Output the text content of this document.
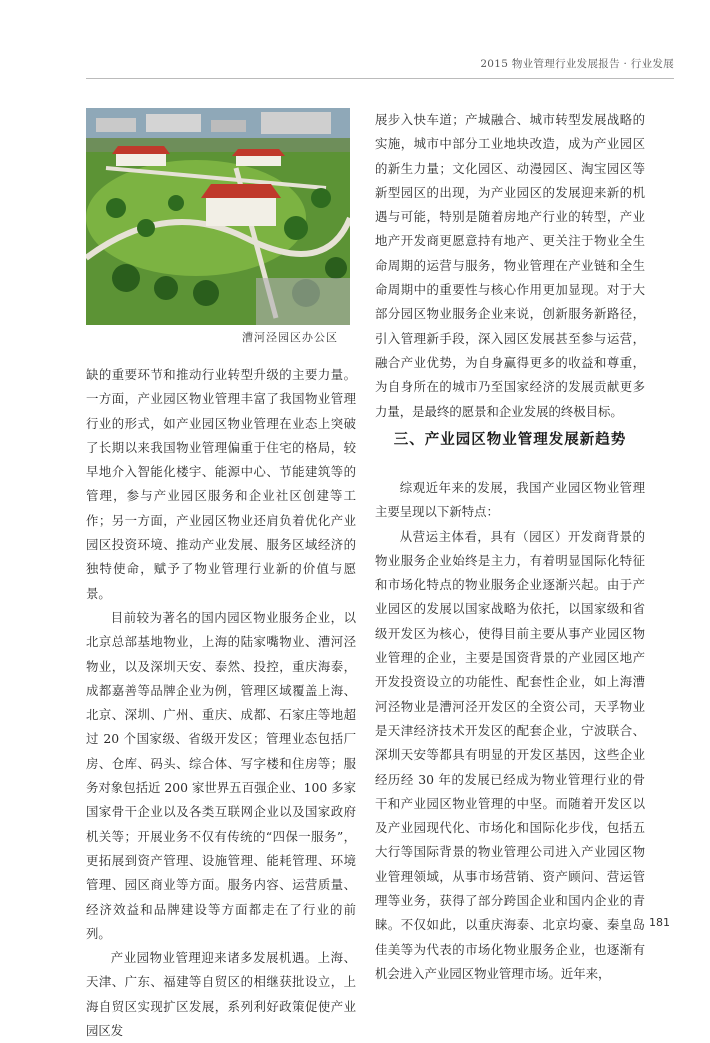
2015 物业管理行业发展报告 · 行业发展
漕河泾园区办公区

缺的重要环节和推动行业转型升级的主要力量。一方面，产业园区物业管理丰富了我国物业管理行业的形式，如产业园区物业管理在业态上突破了长期以来我国物业管理偏重于住宅的格局，较早地介入智能化楼宇、能源中心、节能建筑等的管理，参与产业园区服务和企业社区创建等工作；另一方面，产业园区物业还肩负着优化产业园区投资环境、推动产业发展、服务区域经济的独特使命，赋予了物业管理行业新的价值与愿景。

目前较为著名的国内园区物业服务企业，以北京总部基地物业，上海的陆家嘴物业、漕河泾物业，以及深圳天安、泰然、投控，重庆海泰，成都嘉善等品牌企业为例，管理区域覆盖上海、北京、深圳、广州、重庆、成都、石家庄等地超过 20 个国家级、省级开发区；管理业态包括厂房、仓库、码头、综合体、写字楼和住房等；服务对象包括近 200 家世界五百强企业、100 多家国家骨干企业以及各类互联网企业以及国家政府机关等；开展业务不仅有传统的“四保一服务”，更拓展到资产管理、设施管理、能耗管理、环境管理、园区商业等方面。服务内容、运营质量、经济效益和品牌建设等方面都走在了行业的前列。

产业园物业管理迎来诸多发展机遇。上海、天津、广东、福建等自贸区的相继获批设立，上海自贸区实现扩区发展，系列利好政策促使产业园区发

展步入快车道；产城融合、城市转型发展战略的实施，城市中部分工业地块改造，成为产业园区的新生力量；文化园区、动漫园区、淘宝园区等新型园区的出现，为产业园区的发展迎来新的机遇与可能，特别是随着房地产行业的转型，产业地产开发商更愿意持有地产、更关注于物业全生命周期的运营与服务，物业管理在产业链和全生命周期中的重要性与核心作用更加显现。对于大部分园区物业服务企业来说，创新服务新路径，引入管理新手段，深入园区发展甚至参与运营，融合产业优势，为自身赢得更多的收益和尊重，为自身所在的城市乃至国家经济的发展贡献更多力量，是最终的愿景和企业发展的终极目标。

三、产业园区物业管理发展新趋势

综观近年来的发展，我国产业园区物业管理主要呈现以下新特点：

从营运主体看，具有（园区）开发商背景的物业服务企业始终是主力，有着明显国际化特征和市场化特点的物业服务企业逐渐兴起。由于产业园区的发展以国家战略为依托，以国家级和省级开发区为核心，使得目前主要从事产业园区物业管理的企业，主要是国资背景的产业园区地产开发投资设立的功能性、配套性企业，如上海漕河泾物业是漕河泾开发区的全资公司，天孚物业是天津经济技术开发区的配套企业，宁波联合、深圳天安等都具有明显的开发区基因，这些企业经历经 30 年的发展已经成为物业管理行业的骨干和产业园区物业管理的中坚。而随着开发区以及产业园现代化、市场化和国际化步伐，包括五大行等国际背景的物业管理公司进入产业园区物业管理领域，从事市场营销、资产顾问、营运管理等业务，获得了部分跨国企业和国内企业的青睐。不仅如此，以重庆海泰、北京均豪、秦皇岛佳美等为代表的市场化物业服务企业，也逐渐有机会进入产业园区物业管理市场。近年来，

181
